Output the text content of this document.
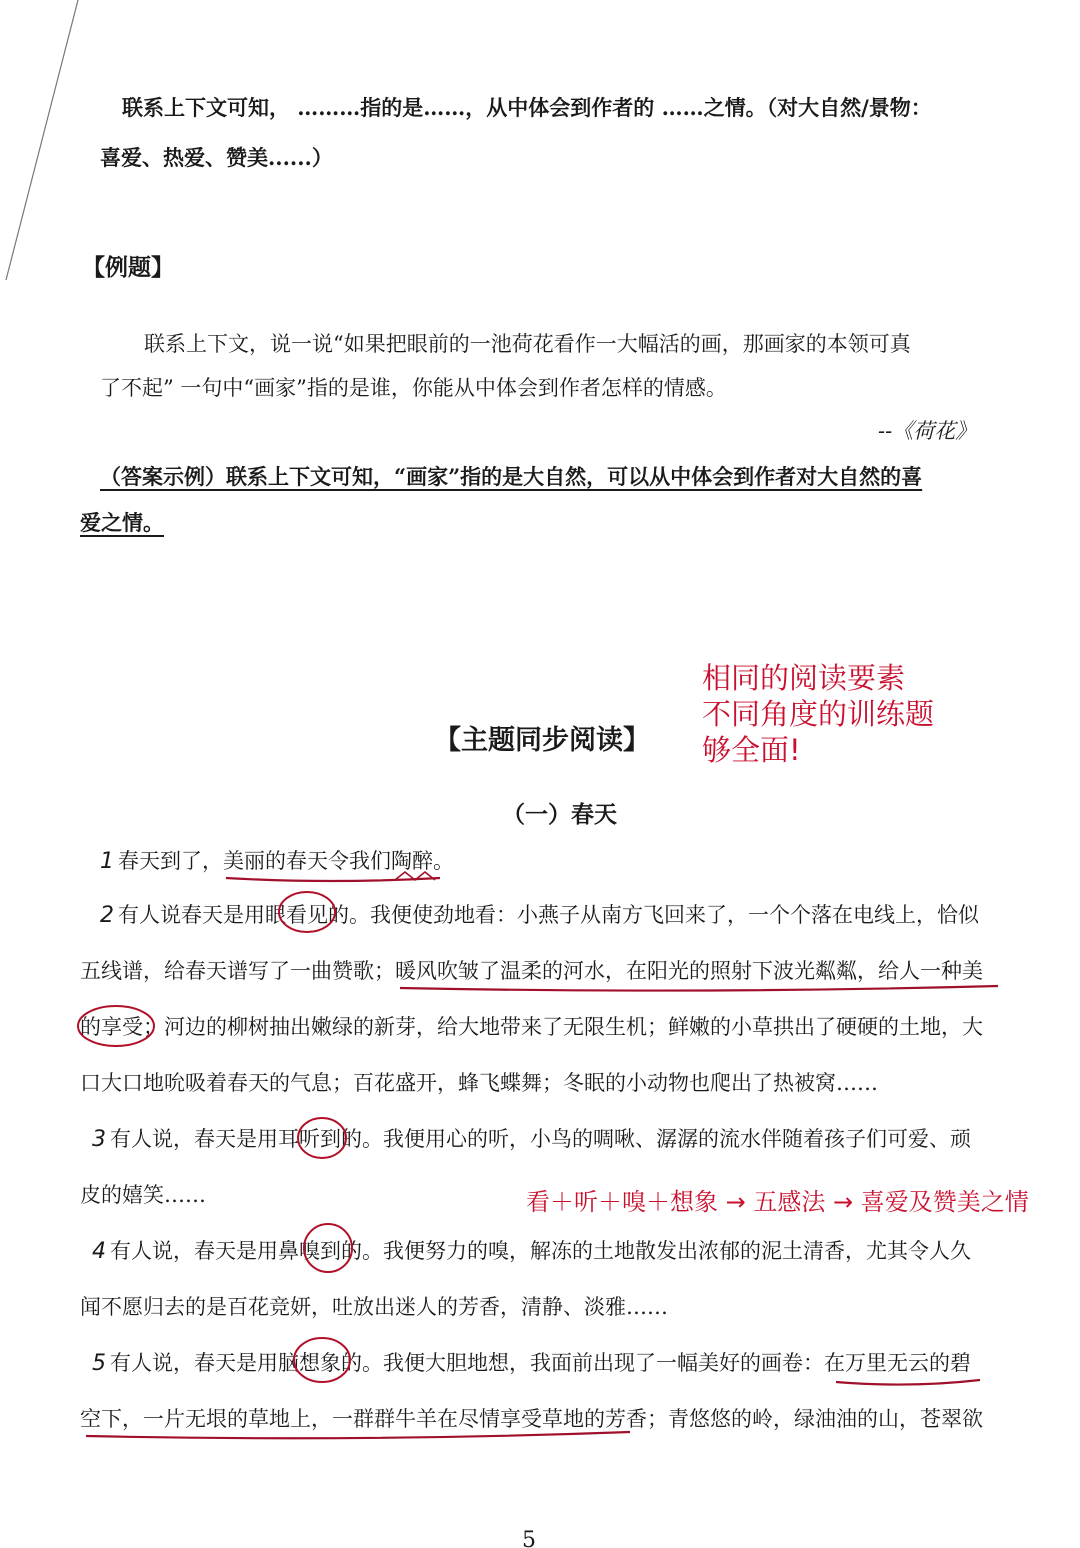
联系上下文可知， ………指的是……，从中体会到作者的 ……之情。（对大自然/景物：
喜爱、热爱、赞美......）
【例题】
联系上下文，说一说“如果把眼前的一池荷花看作一大幅活的画，那画家的本领可真
了不起” 一句中“画家”指的是谁，你能从中体会到作者怎样的情感。
--《荷花》
（答案示例）联系上下文可知，“画家”指的是大自然，可以从中体会到作者对大自然的喜
爱之情。
【主题同步阅读】
（一）春天
1 春天到了，美丽的春天令我们陶醉。
2 有人说春天是用眼看见的。我便使劲地看：小燕子从南方飞回来了，一个个落在电线上，恰似
五线谱，给春天谱写了一曲赞歌；暖风吹皱了温柔的河水，在阳光的照射下波光粼粼，给人一种美
的享受；河边的柳树抽出嫩绿的新芽，给大地带来了无限生机；鲜嫩的小草拱出了硬硬的土地，大
口大口地吮吸着春天的气息；百花盛开，蜂飞蝶舞；冬眠的小动物也爬出了热被窝……
3 有人说，春天是用耳听到的。我便用心的听，小鸟的啁啾、潺潺的流水伴随着孩子们可爱、顽
皮的嬉笑……
4 有人说，春天是用鼻嗅到的。我便努力的嗅，解冻的土地散发出浓郁的泥土清香，尤其令人久
闻不愿归去的是百花竞妍，吐放出迷人的芳香，清静、淡雅……
5 有人说，春天是用脑想象的。我便大胆地想，我面前出现了一幅美好的画卷：在万里无云的碧
空下，一片无垠的草地上，一群群牛羊在尽情享受草地的芳香；青悠悠的岭，绿油油的山，苍翠欲
相同的阅读要素
不同角度的训练题
够全面!
看＋听＋嗅＋想象 → 五感法 → 喜爱及赞美之情
5
